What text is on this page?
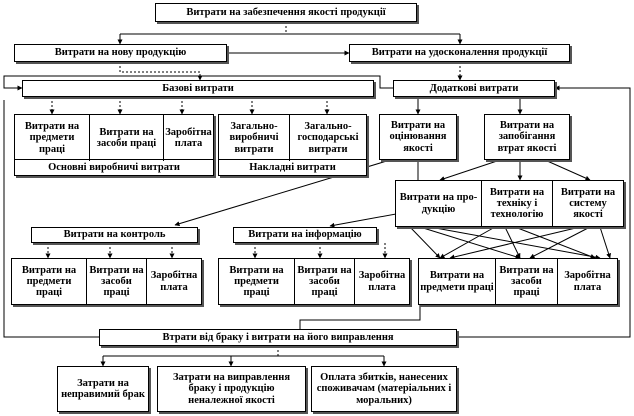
Витрати на забезпечення якості продукції
Витрати на нову продукцію	Витрати на удосконалення продукції
Базові витрати	Додаткові витрати
Витрати на предмети праці
Витрати на засоби праці
Заробітна плата
Основні виробничі витрати
Загально-виробничі витрати
Загально-господарські витрати
Накладні витрати
Витрати на оцінювання якості
Витрати на запобігання втрат якості
Витрати на про-дукцію
Витрати на техніку і технологію
Витрати на систему якості
Витрати на контроль	Витрати на інформацію
Витрати на предмети праці
Витрати на засоби праці
Заробітна плата
Витрати на предмети праці
Витрати на засоби праці
Заробітна плата
Витрати на предмети праці
Витрати на засоби праці
Заробітна плата
Втрати від браку і витрати на його виправлення
Затрати на неправимий брак
Затрати на виправлення браку і продукцію неналежної якості
Оплата збитків, нанесених споживачам (матеріальних і моральних)
